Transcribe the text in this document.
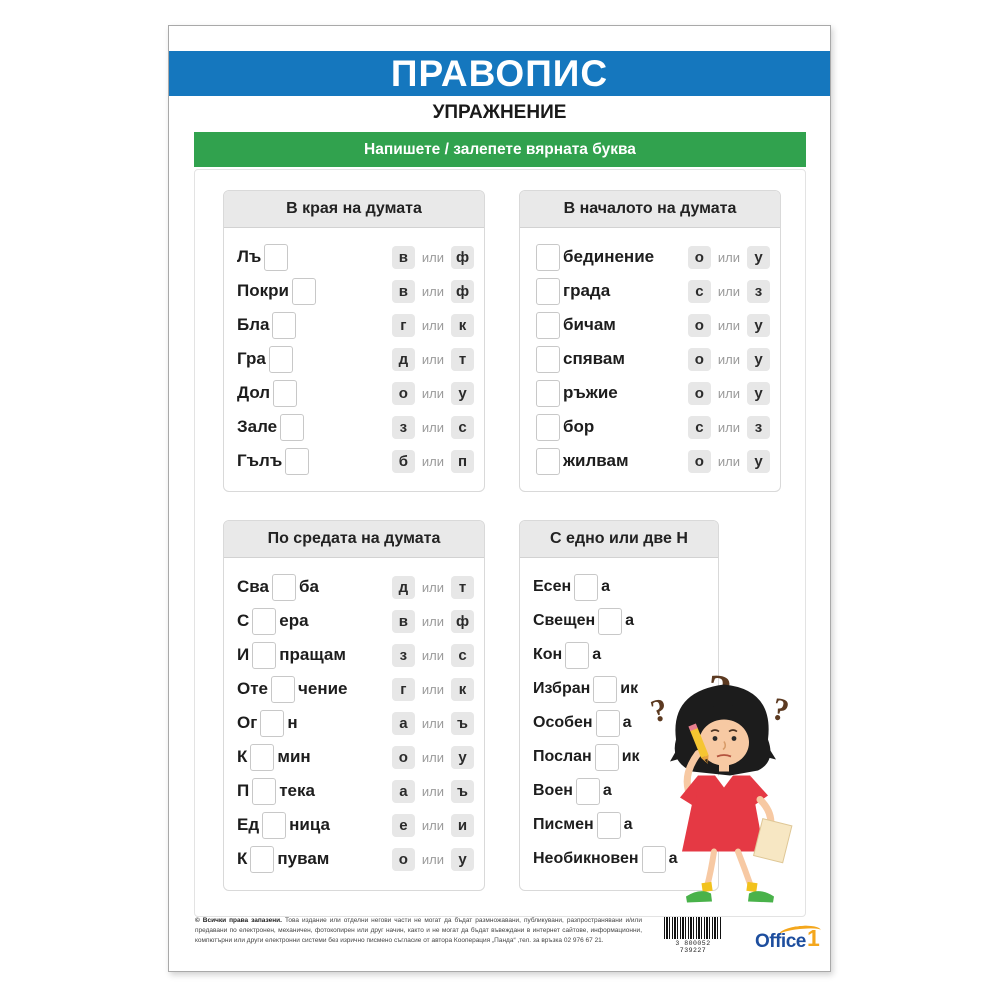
ПРАВОПИС
УПРАЖНЕНИЕ
Напишете / залепете вярната буква
В края на думата
Лъ	в	или ф
Покри	в	или ф
Бла	г	или к
Гра	д	или т
Дол	о	или у
Зале	з	или с
Гълъ	б	или п
В началото на думата
бединение	о	или у
града	с	или з
бичам	о	или у
спявам	о	или у
ръжие	о	или у
бор	с	или з
жилвам	о	или у
По средата на думата
Сва ба	д	или т
С ера	в	или ф
И пращам	з	или с
Оте чение	г	или к
Ог н	а	или ъ
К мин	о	или у
П тека	а	или ъ
Ед ница	е	или и
К пувам	о	или у
С едно или две Н
Есен а
Свещен а
Кон а
Избран ик
Особен а
Послан ик
Воен а
Писмен а
Необикновен а
?	?
© Всички права запазени. Това издание или отделни негови части не могат да бъдат размножавани, публикувани, разпространявани и/или предавани по електронен, механичен, фотокопирен или друг начин, както и не могат да бъдат въвеждани в интернет сайтове, информационни, компютърни или други електронни системи без изрично писмено съгласие от автора Кооперация „Панда“ ,тел. за връзка 02 976 67 21.	3 800052 739227	Office 1
